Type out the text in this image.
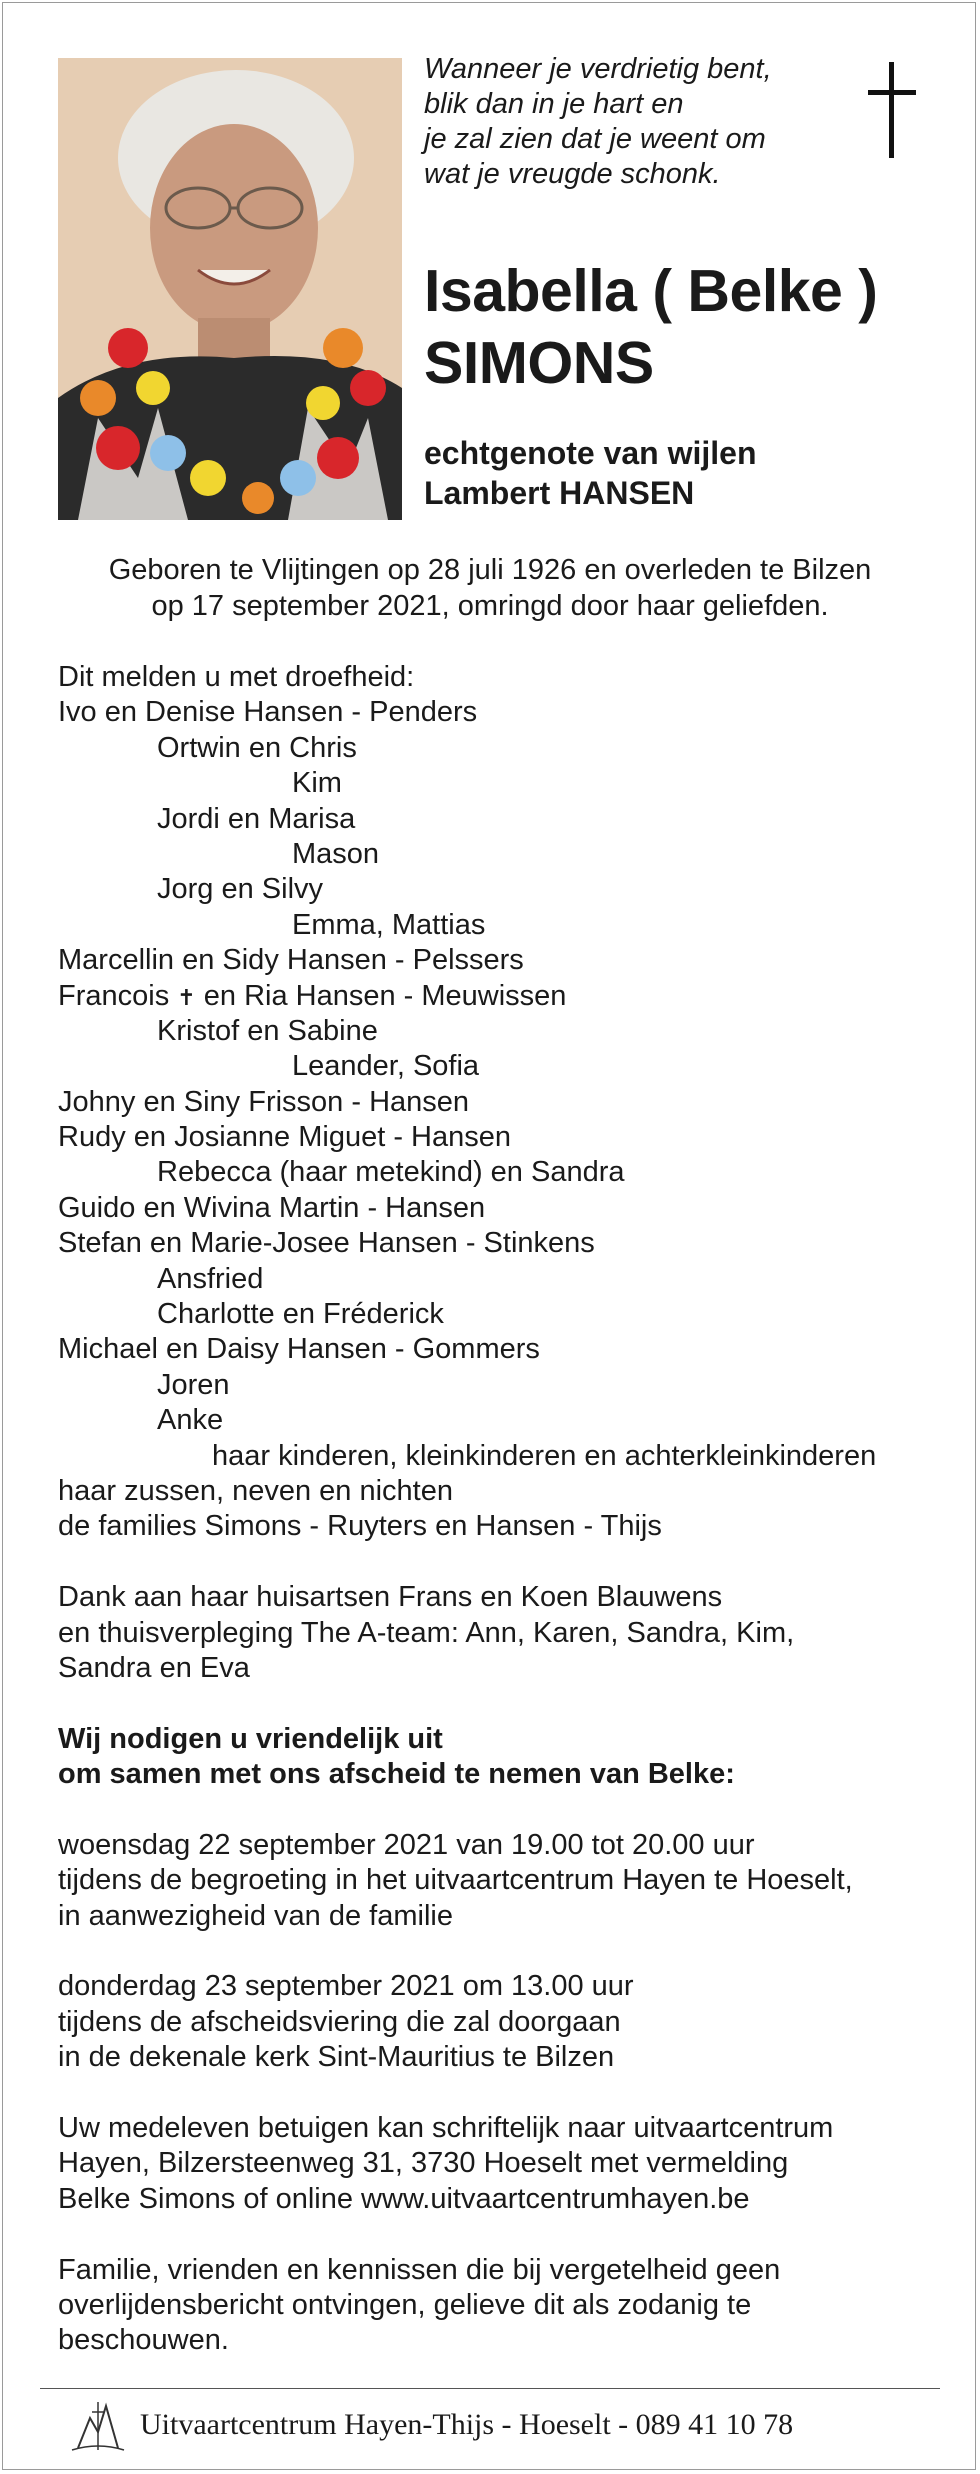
Wanneer je verdrietig bent,
blik dan in je hart en
je zal zien dat je weent om
wat je vreugde schonk.
Isabella ( Belke )
SIMONS
echtgenote van wijlen
Lambert HANSEN
Geboren te Vlijtingen op 28 juli 1926 en overleden te Bilzen
op 17 september 2021, omringd door haar geliefden.
Dit melden u met droefheid:
Ivo en Denise Hansen - Penders
Ortwin en Chris
Kim
Jordi en Marisa
Mason
Jorg en Silvy
Emma, Mattias
Marcellin en Sidy Hansen - Pelssers
Francois ✝ en Ria Hansen - Meuwissen
Kristof en Sabine
Leander, Sofia
Johny en Siny Frisson - Hansen
Rudy en Josianne Miguet - Hansen
Rebecca (haar metekind) en Sandra
Guido en Wivina Martin - Hansen
Stefan en Marie-Josee Hansen - Stinkens
Ansfried
Charlotte en Fréderick
Michael en Daisy Hansen - Gommers
Joren
Anke
haar kinderen, kleinkinderen en achterkleinkinderen
haar zussen, neven en nichten
de families Simons - Ruyters en Hansen - Thijs
Dank aan haar huisartsen Frans en Koen Blauwens
en thuisverpleging The A-team: Ann, Karen, Sandra, Kim,
Sandra en Eva
Wij nodigen u vriendelijk uit
om samen met ons afscheid te nemen van Belke:
woensdag 22 september 2021 van 19.00 tot 20.00 uur
tijdens de begroeting in het uitvaartcentrum Hayen te Hoeselt,
in aanwezigheid van de familie
donderdag 23 september 2021 om 13.00 uur
tijdens de afscheidsviering die zal doorgaan
in de dekenale kerk Sint-Mauritius te Bilzen
Uw medeleven betuigen kan schriftelijk naar uitvaartcentrum
Hayen, Bilzersteenweg 31, 3730 Hoeselt met vermelding
Belke Simons of online www.uitvaartcentrumhayen.be
Familie, vrienden en kennissen die bij vergetelheid geen
overlijdensbericht ontvingen, gelieve dit als zodanig te
beschouwen.
Uitvaartcentrum Hayen-Thijs - Hoeselt - 089 41 10 78
